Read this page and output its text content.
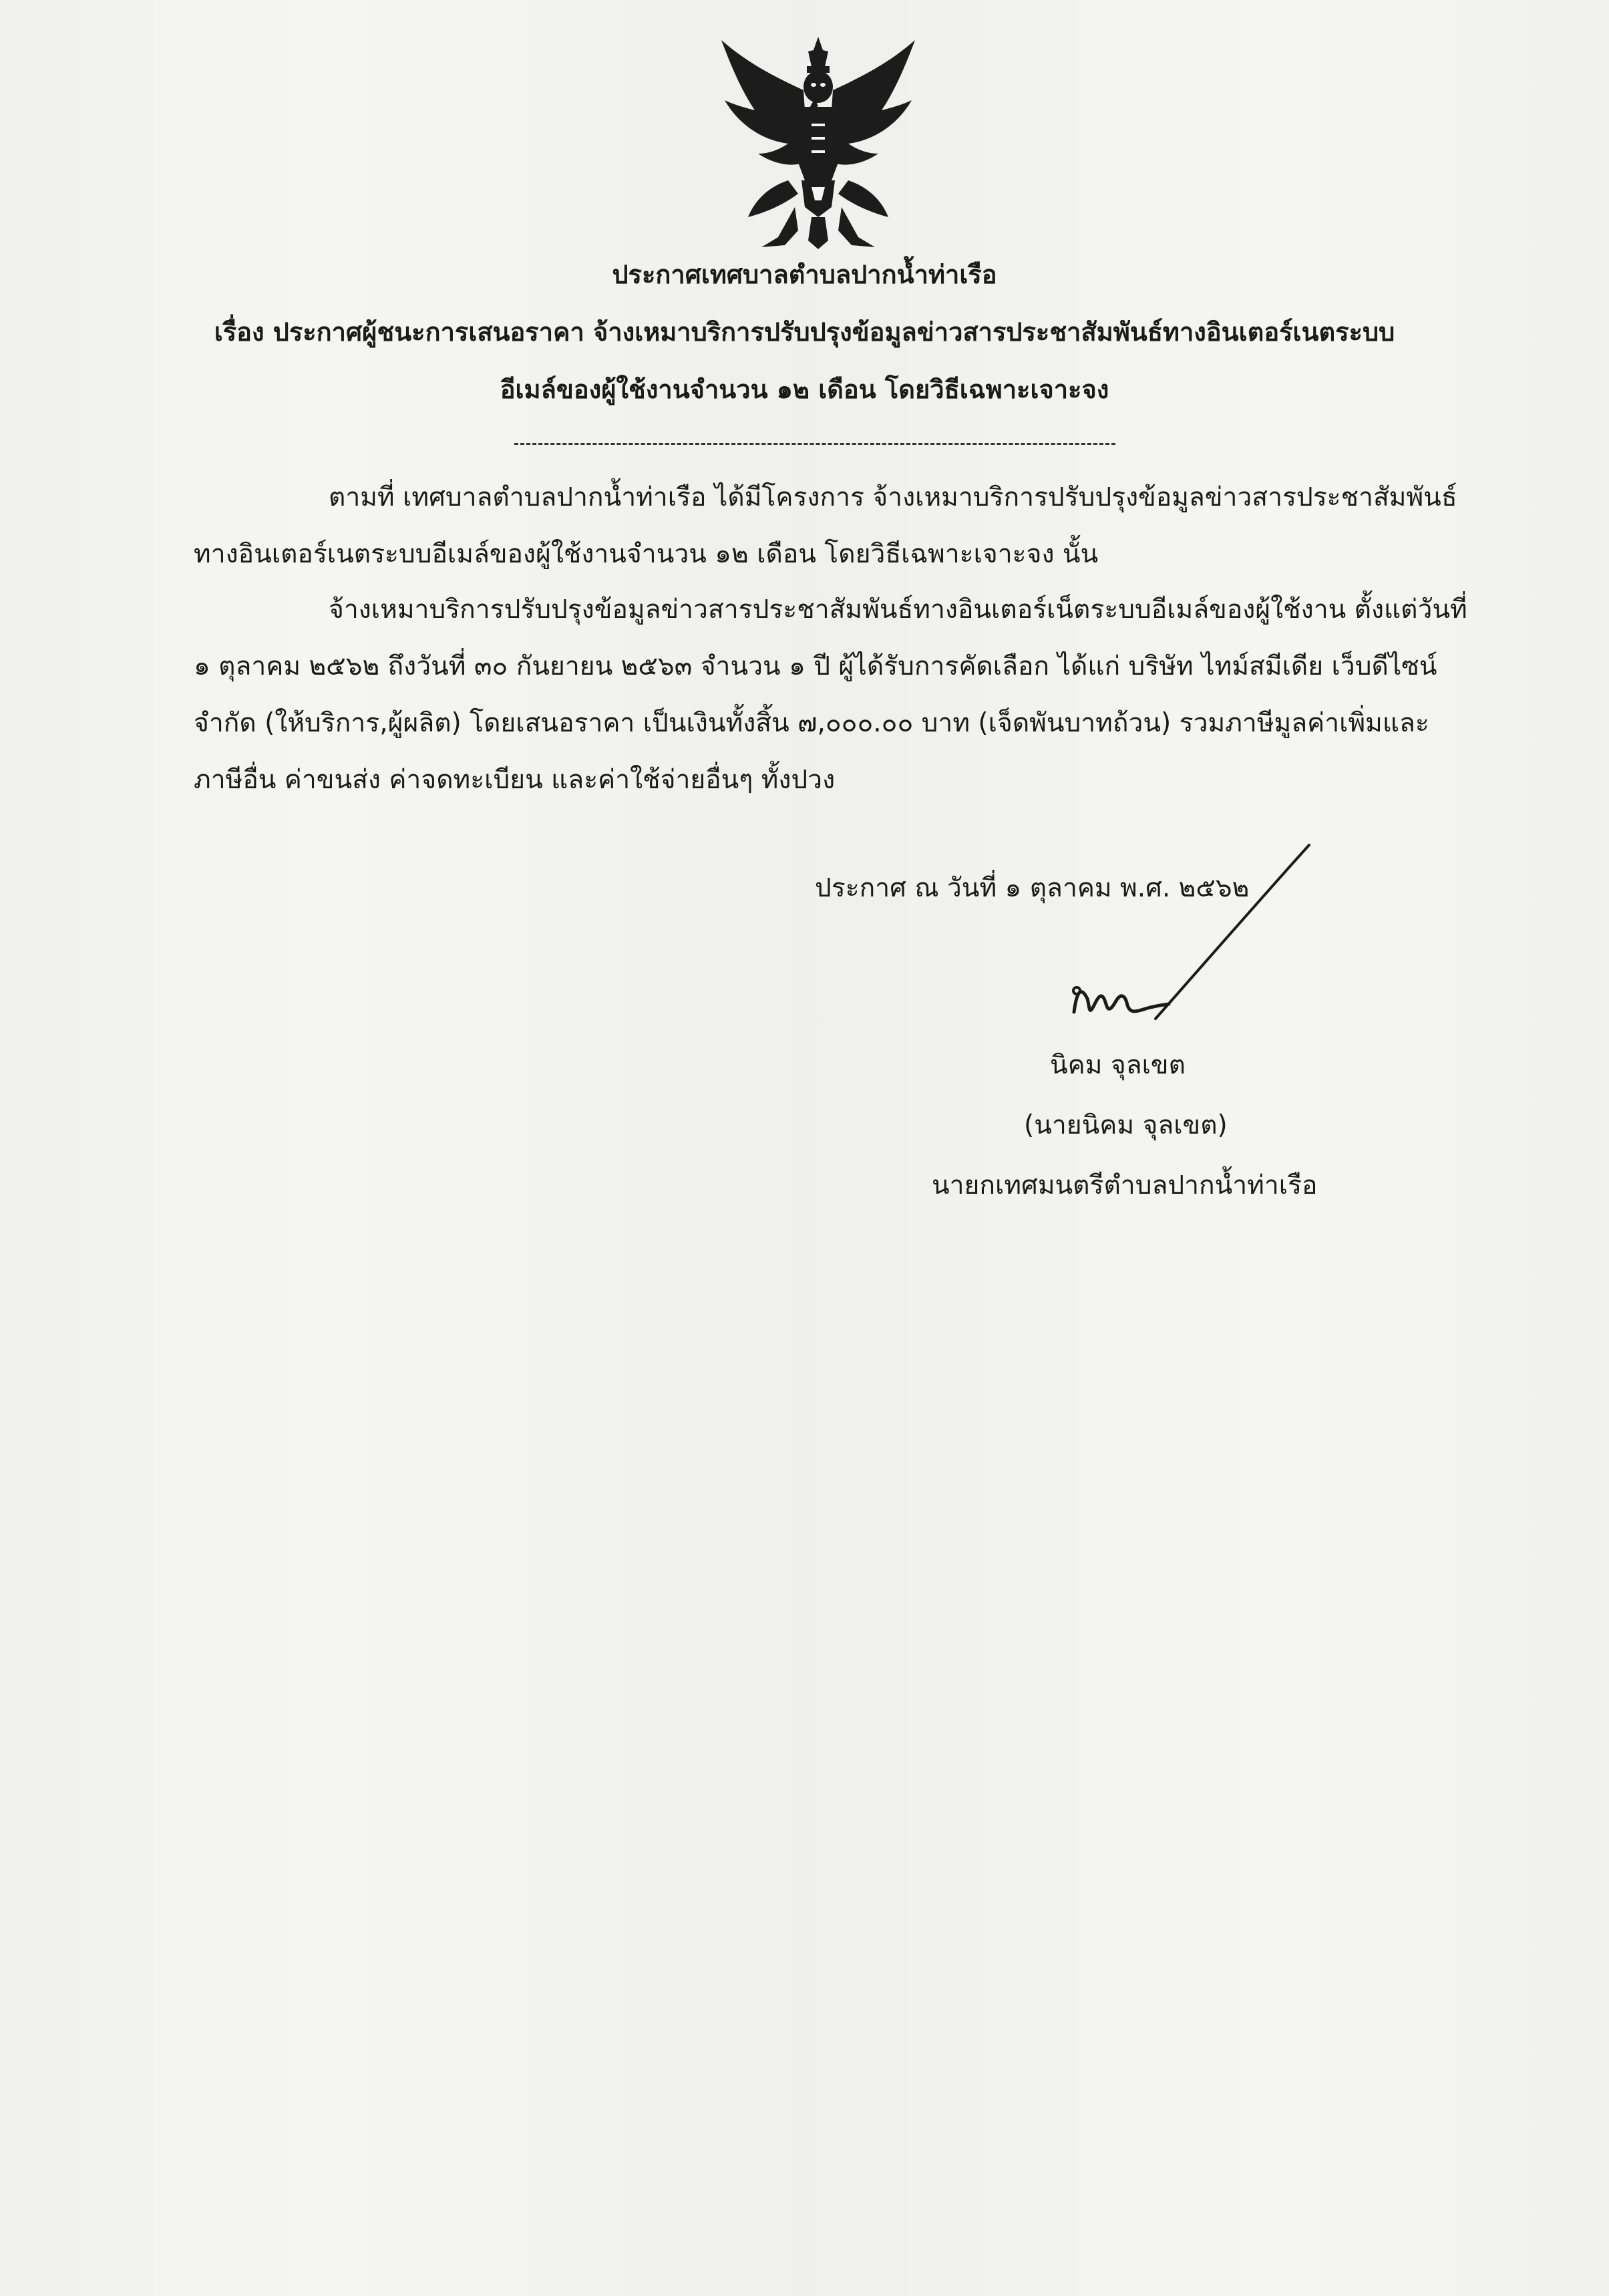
ประกาศเทศบาลตำบลปากน้ำท่าเรือ
เรื่อง ประกาศผู้ชนะการเสนอราคา จ้างเหมาบริการปรับปรุงข้อมูลข่าวสารประชาสัมพันธ์ทางอินเตอร์เนตระบบ
อีเมล์ของผู้ใช้งานจำนวน ๑๒ เดือน โดยวิธีเฉพาะเจาะจง
ตามที่ เทศบาลตำบลปากน้ำท่าเรือ ได้มีโครงการ จ้างเหมาบริการปรับปรุงข้อมูลข่าวสารประชาสัมพันธ์
ทางอินเตอร์เนตระบบอีเมล์ของผู้ใช้งานจำนวน ๑๒ เดือน โดยวิธีเฉพาะเจาะจง นั้น
จ้างเหมาบริการปรับปรุงข้อมูลข่าวสารประชาสัมพันธ์ทางอินเตอร์เน็ตระบบอีเมล์ของผู้ใช้งาน ตั้งแต่วันที่
๑ ตุลาคม ๒๕๖๒ ถึงวันที่ ๓๐ กันยายน ๒๕๖๓ จำนวน ๑ ปี ผู้ได้รับการคัดเลือก ได้แก่ บริษัท ไทม์สมีเดีย เว็บดีไซน์
จำกัด (ให้บริการ,ผู้ผลิต) โดยเสนอราคา เป็นเงินทั้งสิ้น ๗,๐๐๐.๐๐ บาท (เจ็ดพันบาทถ้วน) รวมภาษีมูลค่าเพิ่มและ
ภาษีอื่น ค่าขนส่ง ค่าจดทะเบียน และค่าใช้จ่ายอื่นๆ ทั้งปวง
ประกาศ ณ วันที่ ๑ ตุลาคม พ.ศ. ๒๕๖๒
นิคม จุลเขต
(นายนิคม จุลเขต)
นายกเทศมนตรีตำบลปากน้ำท่าเรือ
